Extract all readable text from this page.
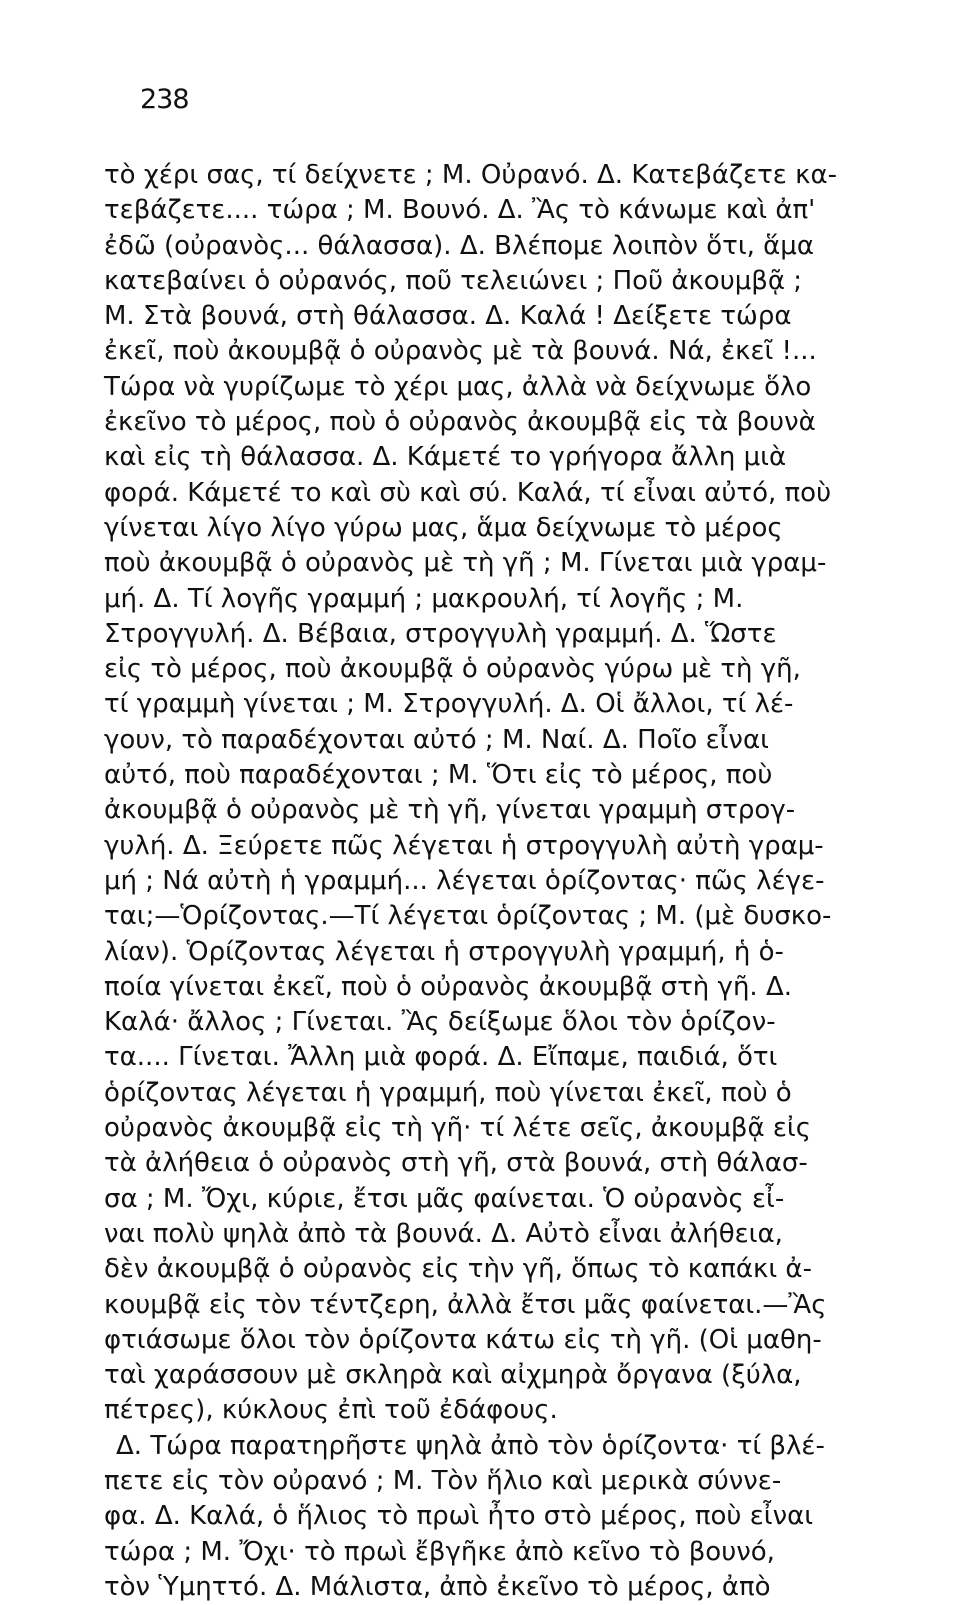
238
τὸ χέρι σας, τί δείχνετε ; Μ. Οὐρανό. Δ. Κατεβάζετε κα-
τεβάζετε.... τώρα ; Μ. Βουνό. Δ. Ἂς τὸ κάνωμε καὶ ἀπ'
ἐδῶ (οὐρανὸς... θάλασσα). Δ. Βλέπομε λοιπὸν ὅτι, ἅμα
κατεβαίνει ὁ οὐρανός, ποῦ τελειώνει ; Ποῦ ἀκουμβᾷ ;
Μ. Στὰ βουνά, στὴ θάλασσα. Δ. Καλά ! Δείξετε τώρα
ἐκεῖ, ποὺ ἀκουμβᾷ ὁ οὐρανὸς μὲ τὰ βουνά. Νά, ἐκεῖ !...
Τώρα νὰ γυρίζωμε τὸ χέρι μας, ἀλλὰ νὰ δείχνωμε ὅλο
ἐκεῖνο τὸ μέρος, ποὺ ὁ οὐρανὸς ἀκουμβᾷ εἰς τὰ βουνὰ
καὶ εἰς τὴ θάλασσα. Δ. Κάμετέ το γρήγορα ἄλλη μιὰ
φορά. Κάμετέ το καὶ σὺ καὶ σύ. Καλά, τί εἶναι αὐτό, ποὺ
γίνεται λίγο λίγο γύρω μας, ἅμα δείχνωμε τὸ μέρος
ποὺ ἀκουμβᾷ ὁ οὐρανὸς μὲ τὴ γῆ ; Μ. Γίνεται μιὰ γραμ-
μή. Δ. Τί λογῆς γραμμή ; μακρουλή, τί λογῆς ; Μ.
Στρογγυλή. Δ. Βέβαια, στρογγυλὴ γραμμή. Δ. Ὥστε
εἰς τὸ μέρος, ποὺ ἀκουμβᾷ ὁ οὐρανὸς γύρω μὲ τὴ γῆ,
τί γραμμὴ γίνεται ; Μ. Στρογγυλή. Δ. Οἱ ἄλλοι, τί λέ-
γουν, τὸ παραδέχονται αὐτό ; Μ. Ναί. Δ. Ποῖο εἶναι
αὐτό, ποὺ παραδέχονται ; Μ. Ὅτι εἰς τὸ μέρος, ποὺ
ἀκουμβᾷ ὁ οὐρανὸς μὲ τὴ γῆ, γίνεται γραμμὴ στρογ-
γυλή. Δ. Ξεύρετε πῶς λέγεται ἡ στρογγυλὴ αὐτὴ γραμ-
μή ; Νά αὐτὴ ἡ γραμμή... λέγεται ὁρίζοντας· πῶς λέγε-
ται;—Ὁρίζοντας.—Τί λέγεται ὁρίζοντας ; Μ. (μὲ δυσκο-
λίαν). Ὁρίζοντας λέγεται ἡ στρογγυλὴ γραμμή, ἡ ὁ-
ποία γίνεται ἐκεῖ, ποὺ ὁ οὐρανὸς ἀκουμβᾷ στὴ γῆ. Δ.
Καλά· ἄλλος ; Γίνεται. Ἂς δείξωμε ὅλοι τὸν ὁρίζον-
τα.... Γίνεται. Ἄλλη μιὰ φορά. Δ. Εἴπαμε, παιδιά, ὅτι
ὁρίζοντας λέγεται ἡ γραμμή, ποὺ γίνεται ἐκεῖ, ποὺ ὁ
οὐρανὸς ἀκουμβᾷ εἰς τὴ γῆ· τί λέτε σεῖς, ἀκουμβᾷ εἰς
τὰ ἀλήθεια ὁ οὐρανὸς στὴ γῆ, στὰ βουνά, στὴ θάλασ-
σα ; Μ. Ὄχι, κύριε, ἔτσι μᾶς φαίνεται. Ὁ οὐρανὸς εἶ-
ναι πολὺ ψηλὰ ἀπὸ τὰ βουνά. Δ. Αὐτὸ εἶναι ἀλήθεια,
δὲν ἀκουμβᾷ ὁ οὐρανὸς εἰς τὴν γῆ, ὅπως τὸ καπάκι ἀ-
κουμβᾷ εἰς τὸν τέντζερη, ἀλλὰ ἔτσι μᾶς φαίνεται.—Ἂς
φτιάσωμε ὅλοι τὸν ὁρίζοντα κάτω εἰς τὴ γῆ. (Οἱ μαθη-
ταὶ χαράσσουν μὲ σκληρὰ καὶ αἰχμηρὰ ὄργανα (ξύλα,
πέτρες), κύκλους ἐπὶ τοῦ ἐδάφους.
Δ. Τώρα παρατηρῆστε ψηλὰ ἀπὸ τὸν ὁρίζοντα· τί βλέ-
πετε εἰς τὸν οὐρανό ; Μ. Τὸν ἥλιο καὶ μερικὰ σύννε-
φα. Δ. Καλά, ὁ ἥλιος τὸ πρωὶ ἦτο στὸ μέρος, ποὺ εἶναι
τώρα ; Μ. Ὄχι· τὸ πρωὶ ἔβγῆκε ἀπὸ κεῖνο τὸ βουνό,
τὸν Ὑμηττό. Δ. Μάλιστα, ἀπὸ ἐκεῖνο τὸ μέρος, ἀπὸ
